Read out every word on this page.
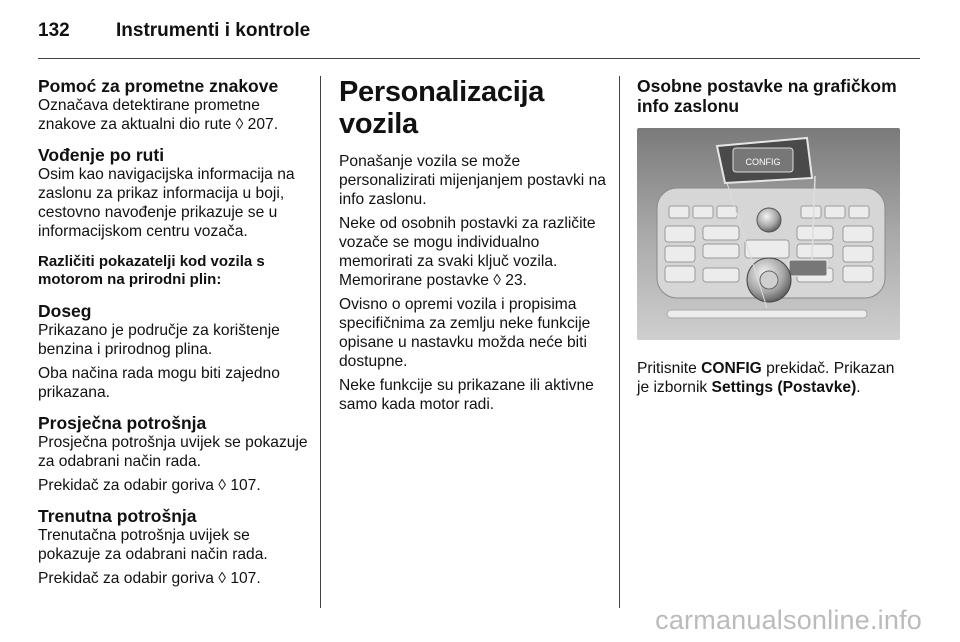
132 Instrumenti i kontrole
Pomoć za prometne znakove

Označava detektirane prometne znakove za aktualni dio rute ◊ 207.

Vođenje po ruti

Osim kao navigacijska informacija na zaslonu za prikaz informacija u boji, cestovno navođenje prikazuje se u informacijskom centru vozača.

Različiti pokazatelji kod vozila s motorom na prirodni plin:
Doseg

Prikazano je područje za korištenje benzina i prirodnog plina.

Oba načina rada mogu biti zajedno prikazana.

Prosječna potrošnja

Prosječna potrošnja uvijek se pokazuje za odabrani način rada.

Prekidač za odabir goriva ◊ 107.

Trenutna potrošnja

Trenutačna potrošnja uvijek se pokazuje za odabrani način rada.

Prekidač za odabir goriva ◊ 107.

Personalizacija vozila

Ponašanje vozila se može personalizirati mijenjanjem postavki na info zaslonu.

Neke od osobnih postavki za različite vozače se mogu individualno memorirati za svaki ključ vozila. Memorirane postavke ◊ 23.

Ovisno o opremi vozila i propisima specifičnima za zemlju neke funkcije opisane u nastavku možda neće biti dostupne.

Neke funkcije su prikazane ili aktivne samo kada motor radi.

Osobne postavke na grafičkom info zaslonu
CONFIG

Pritisnite CONFIG prekidač. Prikazan je izbornik Settings (Postavke).

carmanualsonline.info
